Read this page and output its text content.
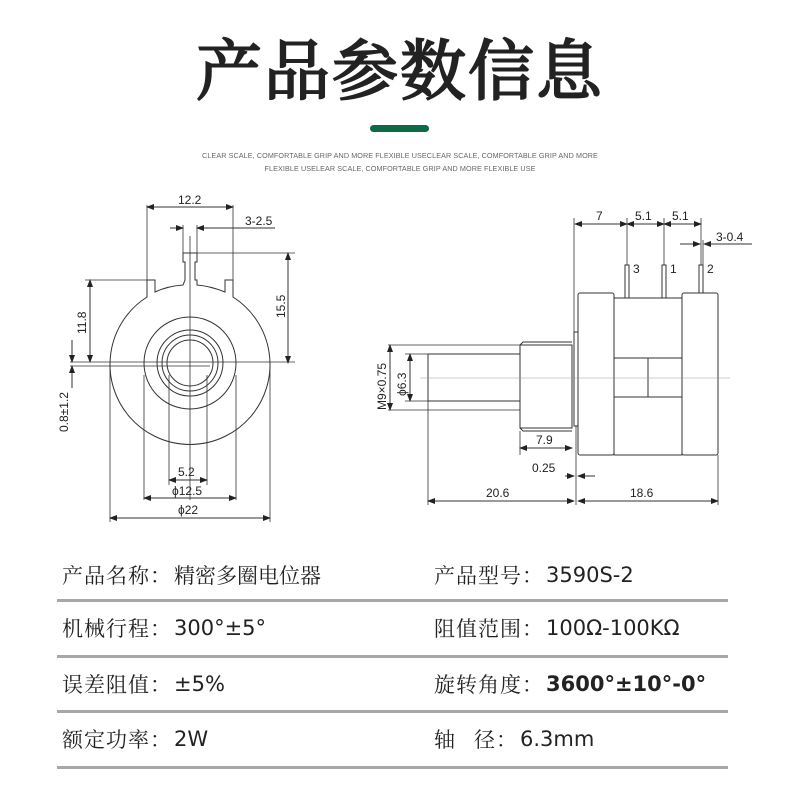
产品参数信息
CLEAR SCALE, COMFORTABLE GRIP AND MORE FLEXIBLE USECLEAR SCALE, COMFORTABLE GRIP AND MORE
FLEXIBLE USELEAR SCALE, COMFORTABLE GRIP AND MORE FLEXIBLE USE
12.2
3-2.5
15.5
11.8
0.8±1.2
5.2
ϕ12.5
ϕ22
7	5.1 5.1
3-0.4
3	1	2
M9×0.75 ϕ6.3
7.9
0.25
20.6	18.6
产品名称： 精密多圈电位器	产品型号： 3590S-2
机械行程： 300°±5°	阻值范围： 100Ω-100KΩ
误差阻值： ±5%	旋转角度： 3600°±10°-0°
额定功率： 2W	轴 径： 6.3mm
